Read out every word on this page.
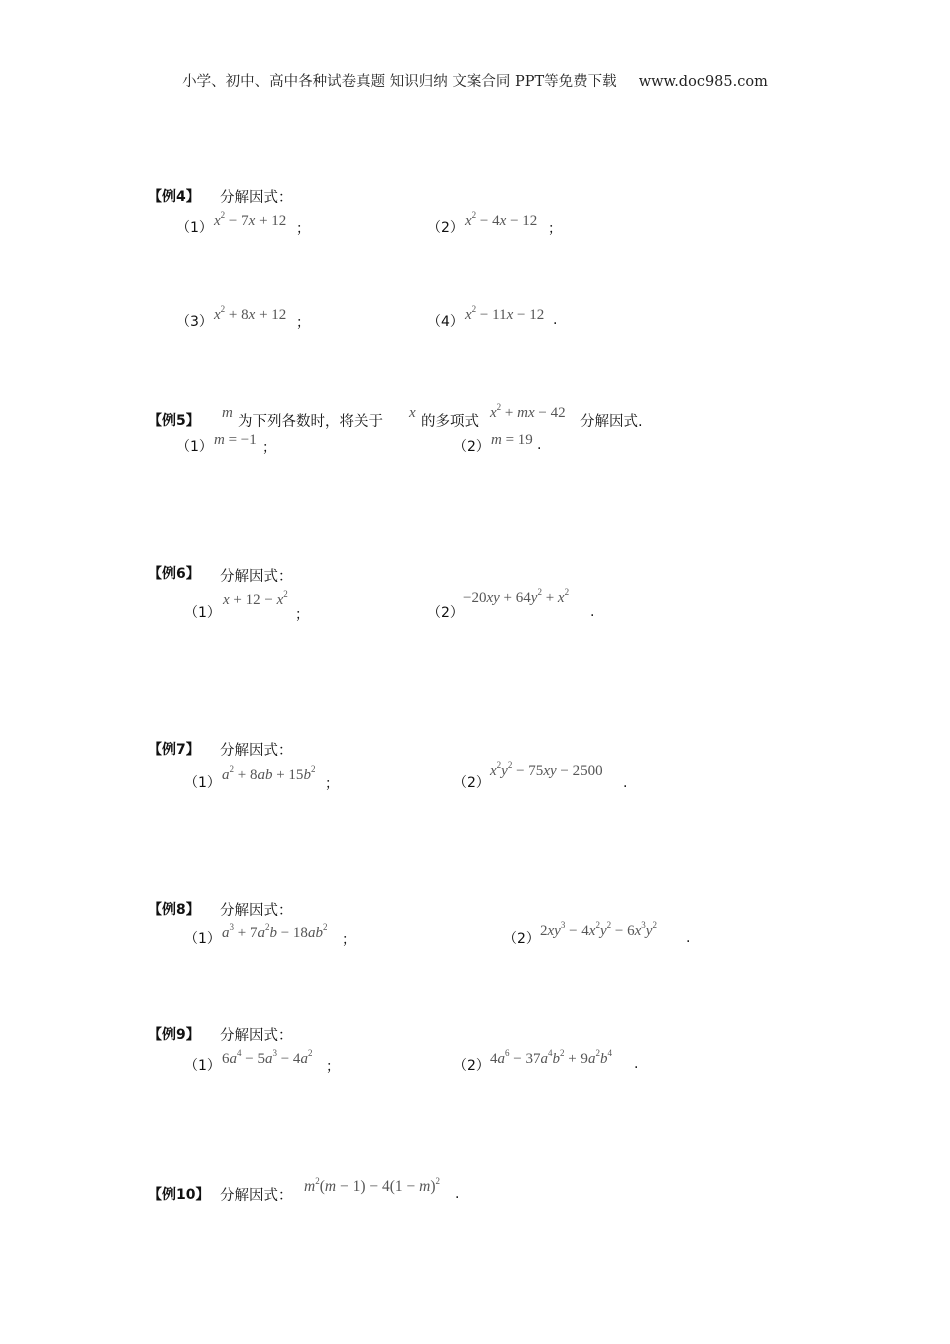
小学、初中、高中各种试卷真题 知识归纳 文案合同 PPT等免费下载 www.doc985.com
【例4】 分解因式：
（1） $x^2 - 7x + 12$ ；	（2） $x^2 - 4x - 12$ ；
（3） $x^2 + 8x + 12$ ；	（4） $x^2 - 11x - 12$ .
【例5】 m
为下列各数时，将关于
x
的多项式
$x^2$ + mx − 42
分解因式.
（1） m = −1 ；	（2） m = 19 .
【例6】 分解因式：
（1）
$x + 12 - x^2$
；	（2）
$-20xy + 64y^2 + x^2$
.
【例7】 分解因式：
（1） $a^2 + 8ab + 15b^2$
；	（2）
$x^2y^2 - 75xy - 2500$
.
【例8】 分解因式：
（1） $a^3 + 7a^2b - 18ab^2$
；	（2） $2xy^3 - 4x^2y^2 - 6x^3y^2$
.
【例9】 分解因式：
（1） $6a^4 - 5a^3 - 4a^2$
；	（2） $4a^6 - 37a^4b^2 + 9a^2b^4$
.
【例10】 分解因式：
$m^2(m - 1) - 4(1 - m)^2$
.
